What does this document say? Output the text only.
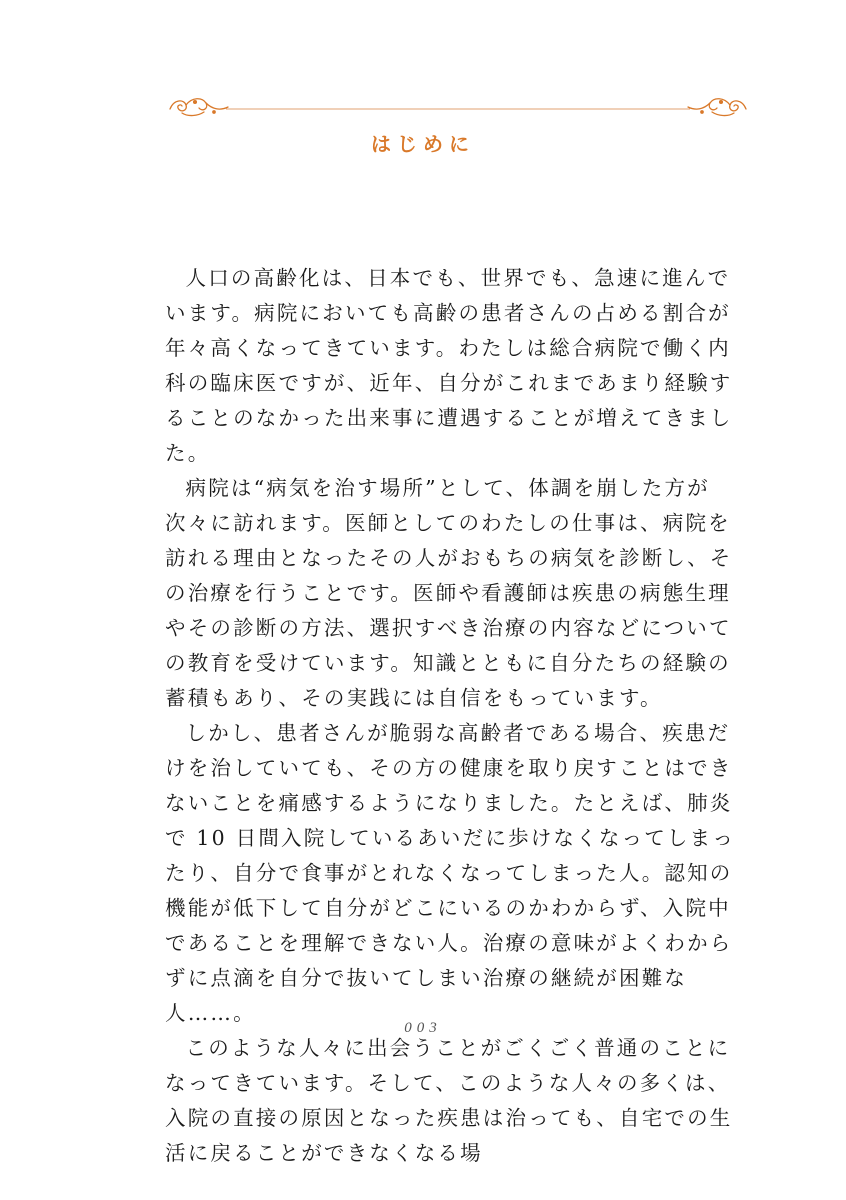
はじめに

人口の高齢化は、日本でも、世界でも、急速に進んでいます。病院においても高齢の患者さんの占める割合が年々高くなってきています。わたしは総合病院で働く内科の臨床医ですが、近年、自分がこれまであまり経験することのなかった出来事に遭遇することが増えてきました。

病院は“病気を治す場所”として、体調を崩した方が次々に訪れます。医師としてのわたしの仕事は、病院を訪れる理由となったその人がおもちの病気を診断し、その治療を行うことです。医師や看護師は疾患の病態生理やその診断の方法、選択すべき治療の内容などについての教育を受けています。知識とともに自分たちの経験の蓄積もあり、その実践には自信をもっています。

しかし、患者さんが脆弱な高齢者である場合、疾患だけを治していても、その方の健康を取り戻すことはできないことを痛感するようになりました。たとえば、肺炎で 10 日間入院しているあいだに歩けなくなってしまったり、自分で食事がとれなくなってしまった人。認知の機能が低下して自分がどこにいるのかわからず、入院中であることを理解できない人。治療の意味がよくわからずに点滴を自分で抜いてしまい治療の継続が困難な人……。

このような人々に出会うことがごくごく普通のことになってきています。そして、このような人々の多くは、入院の直接の原因となった疾患は治っても、自宅での生活に戻ることができなくなる場

003
